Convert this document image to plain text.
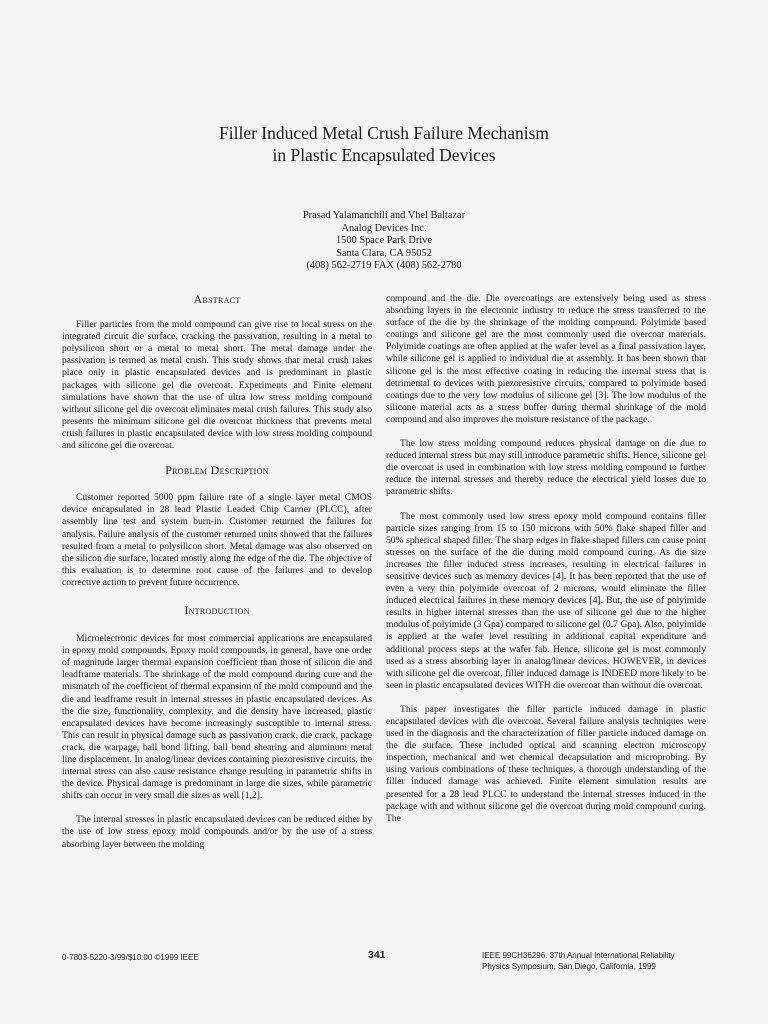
Filler Induced Metal Crush Failure Mechanism
in Plastic Encapsulated Devices
Prasad Yalamanchili and Vhel Baltazar
Analog Devices Inc.
1500 Space Park Drive
Santa Clara, CA 95052
(408) 562-2719 FAX (408) 562-2780
Abstract

Filler particles from the mold compound can give rise to local stress on the integrated circuit die surface, cracking the passivation, resulting in a metal to polysilicon short or a metal to metal short. The metal damage under the passivation is termed as metal crush. This study shows that metal crush takes place only in plastic encapsulated devices and is predominant in plastic packages with silicone gel die overcoat. Experiments and Finite element simulations have shown that the use of ultra low stress molding compound without silicone gel die overcoat eliminates metal crush failures. This study also presents the minimum silicone gel die overcoat thickness that prevents metal crush failures in plastic encapsulated device with low stress molding compound and silicone gel die overcoat.

Problem Description

Customer reported 5000 ppm failure rate of a single layer metal CMOS device encapsulated in 28 lead Plastic Leaded Chip Carrier (PLCC), after assembly line test and system burn-in. Customer returned the failures for analysis. Failure analysis of the customer returned units showed that the failures resulted from a metal to polysilicon short. Metal damage was also observed on the silicon die surface, located mostly along the edge of the die. The objective of this evaluation is to determine root cause of the failures and to develop corrective action to prevent future occurrence.

Introduction

Microelectronic devices for most commercial applications are encapsulated in epoxy mold compounds. Epoxy mold compounds, in general, have one order of magnitude larger thermal expansion coefficient than those of silicon die and leadframe materials. The shrinkage of the mold compound during cure and the mismatch of the coefficient of thermal expansion of the mold compound and the die and leadframe result in internal stresses in plastic encapsulated devices. As the die size, functionality, complexity, and die density have increased, plastic encapsulated devices have become increasingly susceptible to internal stress. This can result in physical damage such as passivation crack, die crack, package crack, die warpage, ball bond lifting, ball bond shearing and aluminum metal line displacement. In analog/linear devices containing piezoresistive circuits, the internal stress can also cause resistance change resulting in parametric shifts in the device. Physical damage is predominant in large die sizes, while parametric shifts can occur in very small die sizes as well [1,2].

The internal stresses in plastic encapsulated devices can be reduced either by the use of low stress epoxy mold compounds and/or by the use of a stress absorbing layer between the molding

compound and the die. Die overcoatings are extensively being used as stress absorbing layers in the electronic industry to reduce the stress transferred to the surface of the die by the shrinkage of the molding compound. Polyimide based coatings and silicone gel are the most commonly used die overcoat materials. Polyimide coatings are often applied at the wafer level as a final passivation layer, while silicone gel is applied to individual die at assembly. It has been shown that silicone gel is the most effective coating in reducing the internal stress that is detrimental to devices with piezoresistive circuits, compared to polyimide based coatings due to the very low modulus of silicone gel [3]. The low modulus of the silicone material acts as a stress buffer during thermal shrinkage of the mold compound and also improves the moisture resistance of the package.

The low stress molding compound reduces physical damage on die due to reduced internal stress but may still introduce parametric shifts. Hence, silicone gel die overcoat is used in combination with low stress molding compound to further reduce the internal stresses and thereby reduce the electrical yield losses due to parametric shifts.

The most commonly used low stress epoxy mold compound contains filler particle sizes ranging from 15 to 150 microns with 50% flake shaped filler and 50% spherical shaped filler. The sharp edges in flake shaped fillers can cause point stresses on the surface of the die during mold compound curing. As die size increases the filler induced stress increases, resulting in electrical failures in sensitive devices such as memory devices [4]. It has been reported that the use of even a very thin polyimide overcoat of 2 microns, would eliminate the filler induced electrical failures in these memory devices [4]. But, the use of polyimide results in higher internal stresses than the use of silicone gel due to the higher modulus of polyimide (3 Gpa) compared to silicone gel (0.7 Gpa). Also, polyimide is applied at the wafer level resulting in additional capital expenditure and additional process steps at the wafer fab. Hence, silicone gel is most commonly used as a stress absorbing layer in analog/linear devices. HOWEVER, in devices with silicone gel die overcoat, filler induced damage is INDEED more likely to be seen in plastic encapsulated devices WITH die overcoat than without die overcoat.

This paper investigates the filler particle induced damage in plastic encapsulated devices with die overcoat. Several failure analysis techniques were used in the diagnosis and the characterization of filler particle induced damage on the die surface. These included optical and scanning electron microscopy inspection, mechanical and wet chemical decapsulation and microprobing. By using various combinations of these techniques, a thorough understanding of the filler induced damage was achieved. Finite element simulation results are presented for a 28 lead PLCC to understand the internal stresses induced in the package with and without silicone gel die overcoat during mold compound curing. The

0-7803-5220-3/99/$10.00 ©1999 IEEE	341	IEEE 99CH36296. 37th Annual International Reliability
Physics Symposium, San Diego, California, 1999
